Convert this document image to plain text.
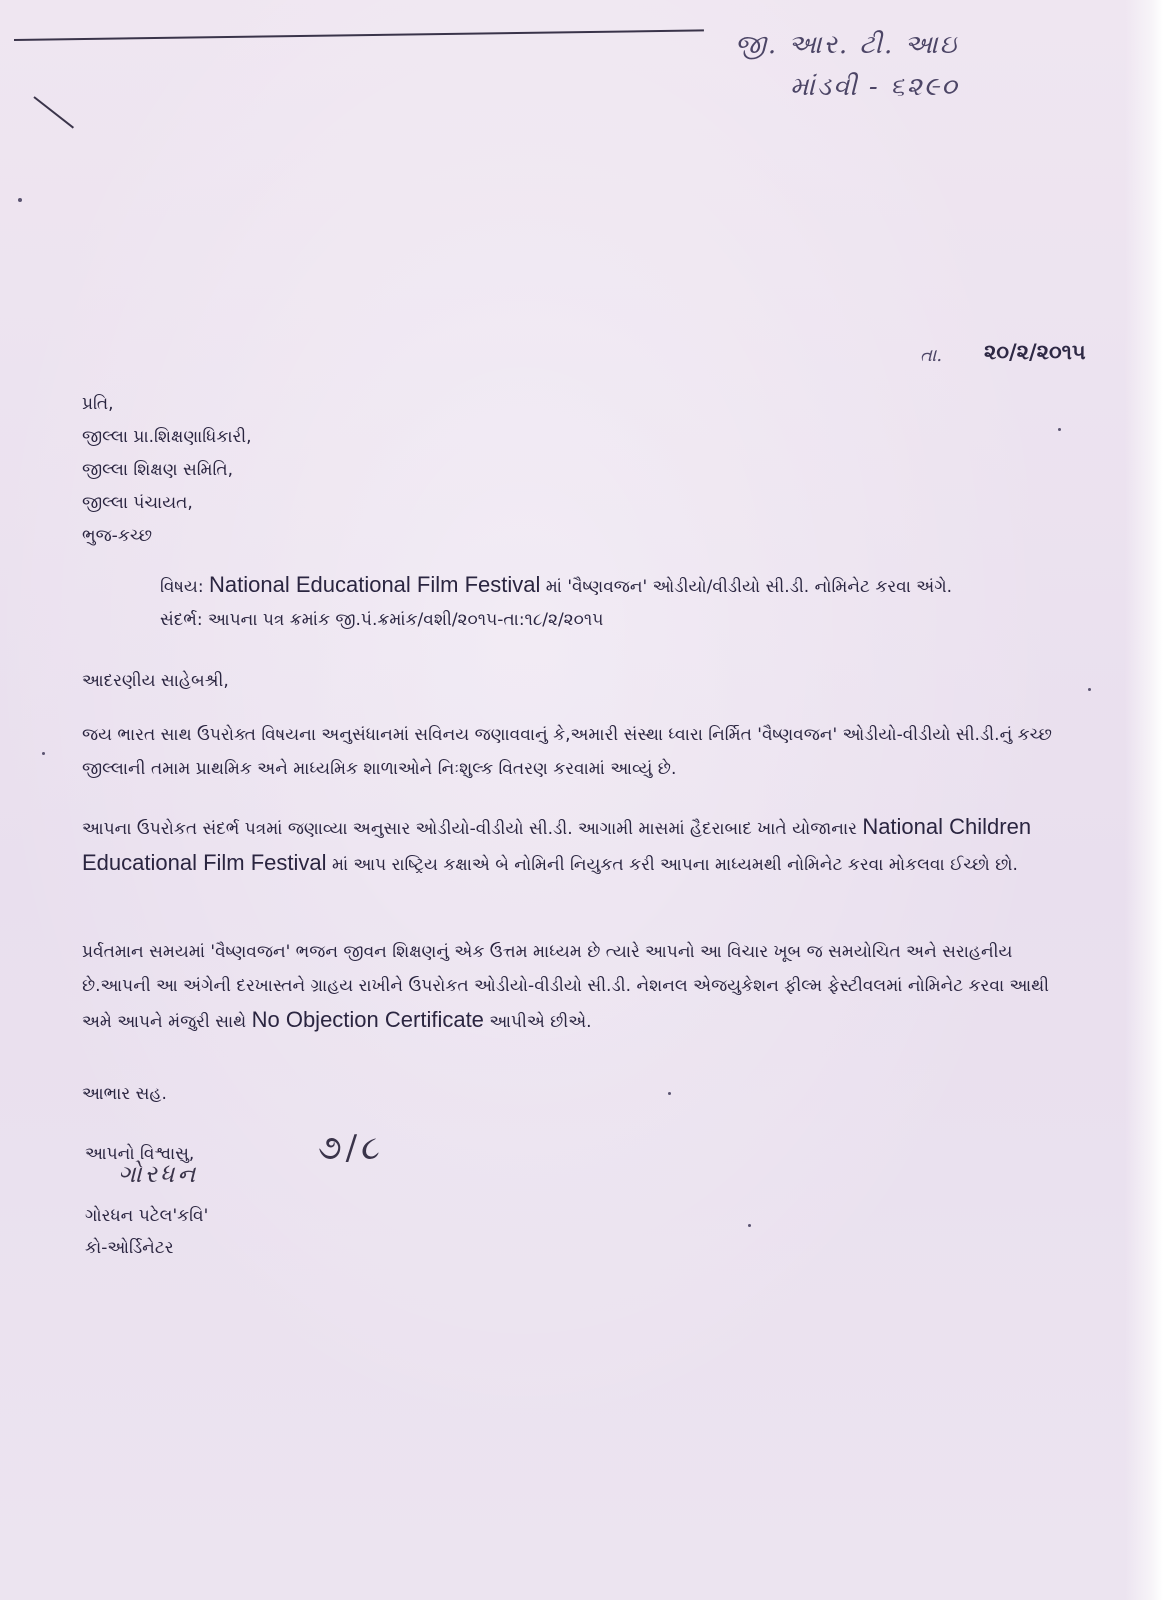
જી. આર. ટી. આઇ
માંડવી - ૬૨૯૦
તા. ૨૦/૨/૨૦૧૫
પ્રતિ,
જીલ્લા પ્રા.શિક્ષણાધિકારી,
જીલ્લા શિક્ષણ સમિતિ,
જીલ્લા પંચાયત,
ભુજ-કચ્છ
વિષય: National Educational Film Festival માં 'વૈષ્ણવજન' ઓડીયો/વીડીયો સી.ડી. નોમિનેટ કરવા અંગે.
સંદર્ભ: આપના પત્ર ક્રમાંક જી.પં.ક્રમાંક/વશી/૨૦૧૫-તા:૧૮/૨/૨૦૧૫
આદરણીય સાહેબશ્રી,
જય ભારત સાથ ઉપરોક્ત વિષયના અનુસંધાનમાં સવિનય જણાવવાનું કે,અમારી સંસ્થા ધ્વારા નિર્મિત 'વૈષ્ણવજન' ઓડીયો-વીડીયો સી.ડી.નું કચ્છ જીલ્લાની તમામ પ્રાથમિક અને માધ્યમિક શાળાઓને નિઃશુલ્ક વિતરણ કરવામાં આવ્યું છે.
આપના ઉપરોકત સંદર્ભ પત્રમાં જણાવ્યા અનુસાર ઓડીયો-વીડીયો સી.ડી. આગામી માસમાં હૈદરાબાદ ખાતે યોજાનાર National Children Educational Film Festival માં આપ રાષ્ટ્રિય કક્ષાએ બે નોમિની નિયુકત કરી આપના માધ્યમથી નોમિનેટ કરવા મોકલવા ઈચ્છો છો.
પ્રર્વતમાન સમયમાં 'વૈષ્ણવજન' ભજન જીવન શિક્ષણનું એક ઉત્તમ માધ્યમ છે ત્યારે આપનો આ વિચાર ખૂબ જ સમયોચિત અને સરાહનીય છે.આપની આ અંગેની દરખાસ્તને ગ્રાહય રાખીને ઉપરોકત ઓડીયો-વીડીયો સી.ડી. નેશનલ એજયુકેશન ફીલ્મ ફેસ્ટીવલમાં નોમિનેટ કરવા આથી અમે આપને મંજુરી સાથે No Objection Certificate આપીએ છીએ.
આભાર સહ.
આપનો વિશ્વાસુ,
ગોરધન પટેલ'કવિ'
કો-ઓર્ડિનેટર
ગોરધન
૭/૮
